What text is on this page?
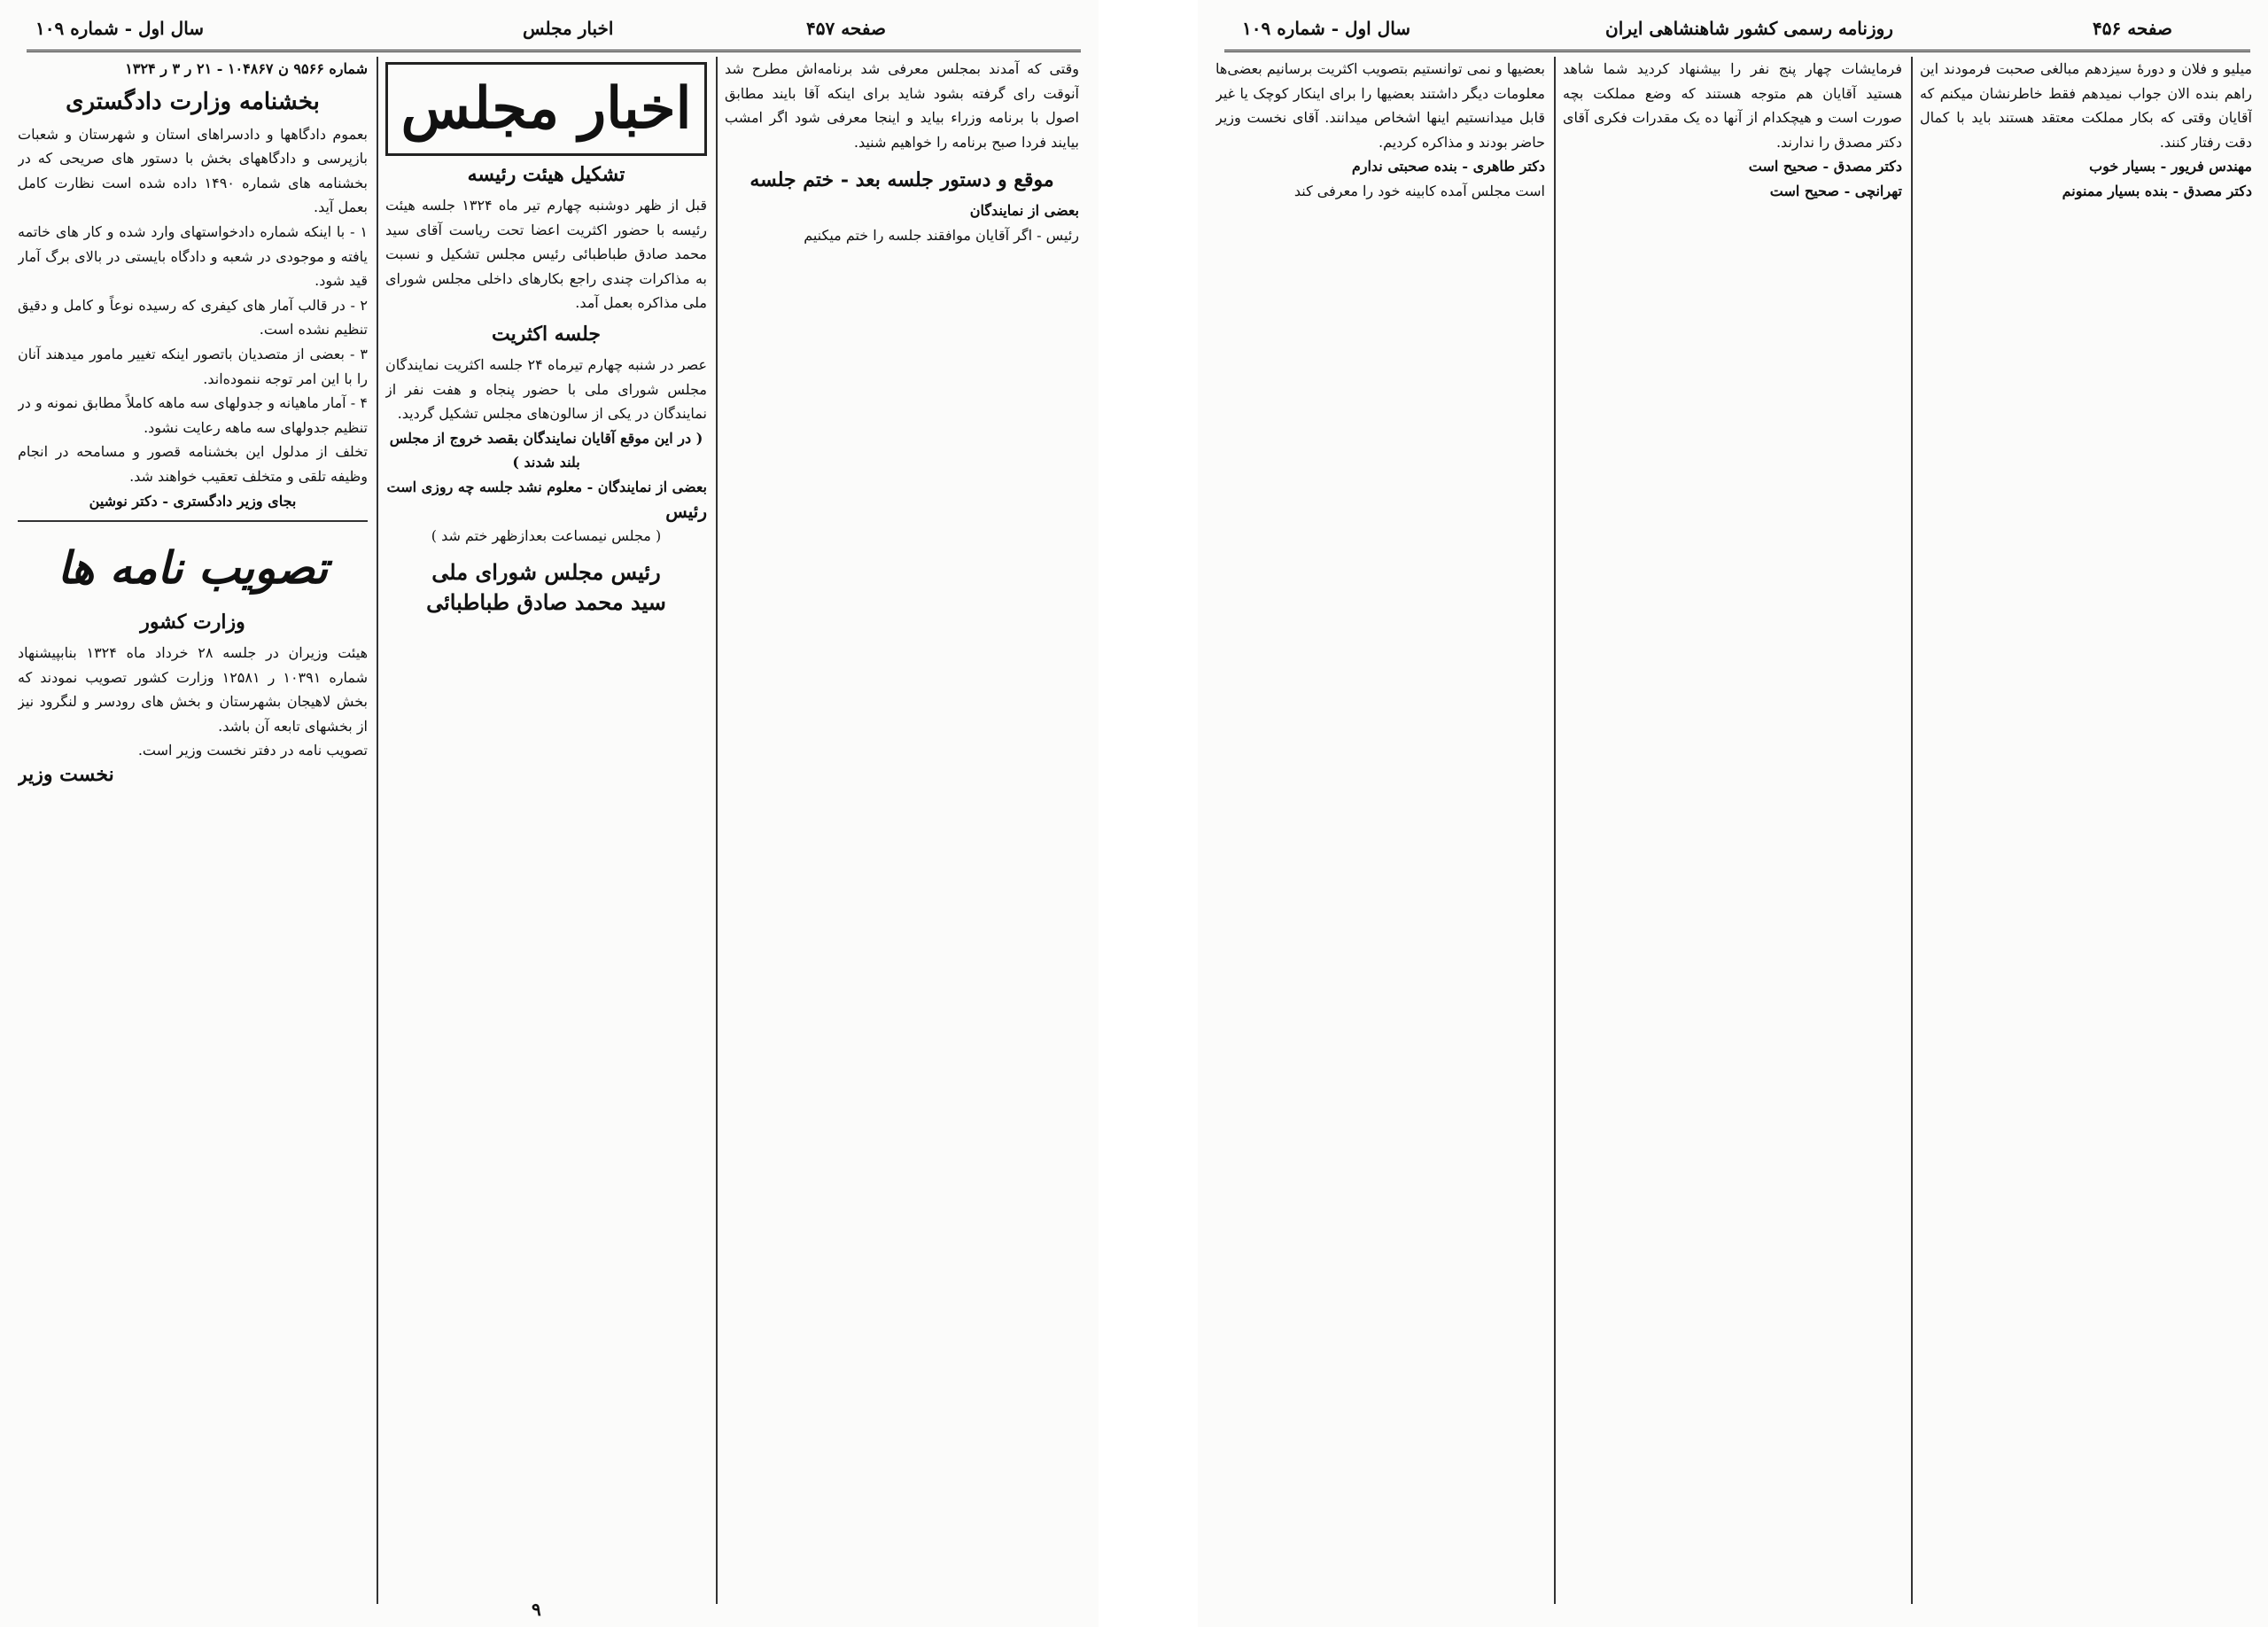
سال اول - شماره ۱۰۹	اخبار مجلس	صفحه ۴۵۷
شماره ۹۵۶۶ ن ۱۰۴۸۶۷ - ۲۱ ر ۳ ر ۱۳۲۴
بخشنامه وزارت دادگستری
بعموم دادگاهها و دادسراهای استان و شهرستان و شعبات بازپرسی و دادگاههای بخش با دستور های صریحی که در بخشنامه های شماره ۱۴۹۰ داده شده است نظارت کامل بعمل آید.
۱ - با اینکه شماره دادخواستهای وارد شده و کار های خاتمه یافته و موجودی در شعبه و دادگاه بایستی در بالای برگ آمار قید شود.
۲ - در قالب آمار های کیفری که رسیده نوعاً و کامل و دقیق تنظیم نشده است.
۳ - بعضی از متصدیان باتصور اینکه تغییر مامور میدهند آنان را با این امر توجه ننموده‌اند.
۴ - آمار ماهیانه و جدولهای سه ماهه کاملاً مطابق نمونه و در تنظیم جدولهای سه ماهه رعایت نشود.
تخلف از مدلول این بخشنامه قصور و مسامحه در انجام وظیفه تلقی و متخلف تعقیب خواهند شد.
بجای وزیر دادگستری - دکتر نوشین
تصویب نامه ها
وزارت کشور
هیئت وزیران در جلسه ۲۸ خرداد ماه ۱۳۲۴ بنابپیشنهاد شماره ۱۰۳۹۱ ر ۱۲۵۸۱ وزارت کشور تصویب نمودند که بخش لاهیجان بشهرستان و بخش های رودسر و لنگرود نیز از بخشهای تابعه آن باشد.
تصویب نامه در دفتر نخست وزیر است.
نخست وزیر
اخبار مجلس
تشکیل هیئت رئیسه
قبل از ظهر دوشنبه چهارم تیر ماه ۱۳۲۴ جلسه هیئت رئیسه با حضور اکثریت اعضا تحت ریاست آقای سید محمد صادق طباطبائی رئیس مجلس تشکیل و نسبت به مذاکرات چندی راجع بکارهای داخلی مجلس شورای ملی مذاکره بعمل آمد.
جلسه اکثریت
عصر در شنبه چهارم تیرماه ۲۴ جلسه اکثریت نمایندگان مجلس شورای ملی با حضور پنجاه و هفت نفر از نمایندگان در یکی از سالون‌های مجلس تشکیل گردید.
( در این موقع آقایان نمایندگان بقصد خروج از مجلس بلند شدند )
بعضی از نمایندگان - معلوم نشد جلسه چه روزی است
رئیس
( مجلس نیمساعت بعدازظهر ختم شد )
رئیس مجلس شورای ملی
سید محمد صادق طباطبائی
۹
وقتی که آمدند بمجلس معرفی شد برنامه‌اش مطرح شد آنوقت رای گرفته بشود شاید برای اینکه آقا بایند مطابق اصول با برنامه وزراء بیاید و اینجا معرفی شود اگر امشب بیایند فردا صبح برنامه را خواهیم شنید.
موقع و دستور جلسه بعد - ختم جلسه
بعضی از نمایندگان
رئیس - اگر آقایان موافقند جلسه را ختم میکنیم
سال اول - شماره ۱۰۹	روزنامه رسمی کشور شاهنشاهی ایران	صفحه ۴۵۶
بعضیها و نمی توانستیم بتصویب اکثریت برسانیم بعضی‌ها معلومات دیگر داشتند بعضیها را برای اینکار کوچک یا غیر قابل میدانستیم اینها اشخاص میدانند. آقای نخست وزیر حاضر بودند و مذاکره کردیم.
دکتر طاهری - بنده صحبتی ندارم
است مجلس آمده کابینه خود را معرفی کند
فرمایشات چهار پنج نفر را بیشنهاد کردید شما شاهد هستید آقایان هم متوجه هستند که وضع مملکت بچه صورت است و هیچکدام از آنها ده یک مقدرات فکری آقای دکتر مصدق را ندارند.
دکتر مصدق - صحیح است
تهرانچی - صحیح است
میلیو و فلان و دورهٔ سیزدهم مبالغی صحبت فرمودند این راهم بنده الان جواب نمیدهم فقط خاطرنشان میکنم که آقایان وقتی که بکار مملکت معتقد هستند باید با کمال دقت رفتار کنند.
مهندس فریور - بسیار خوب
دکتر مصدق - بنده بسیار ممنونم
